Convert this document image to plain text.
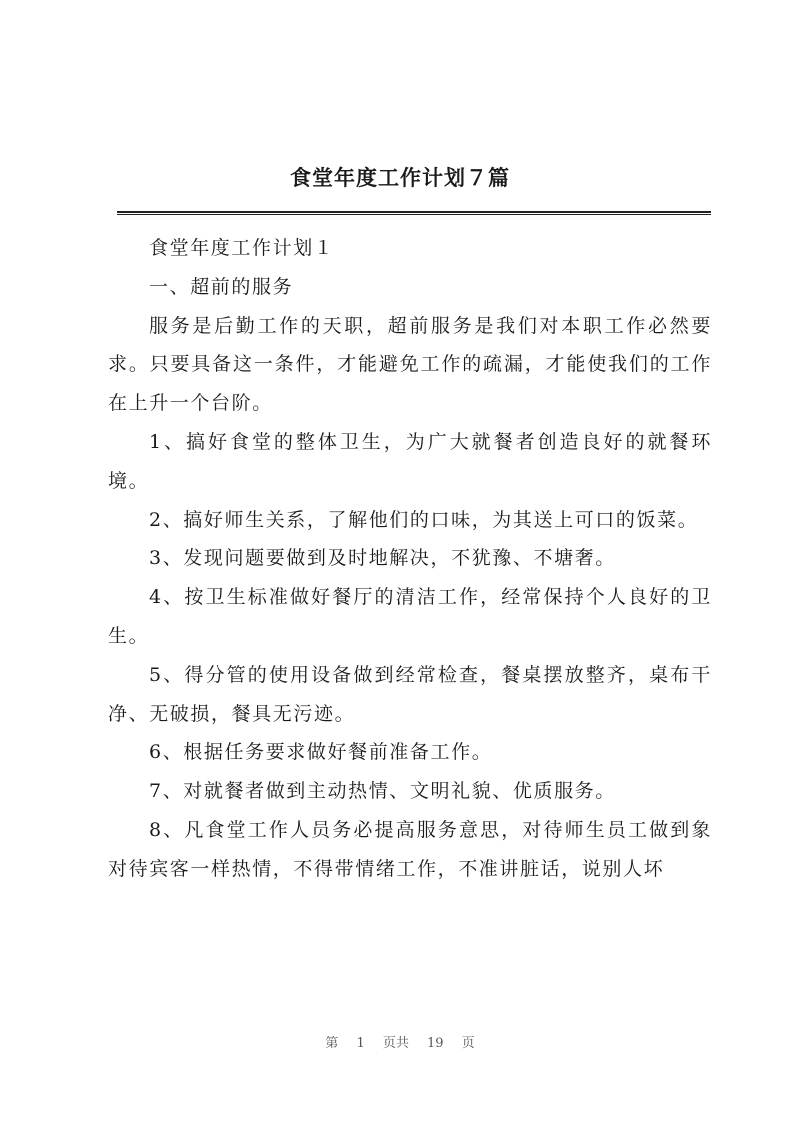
食堂年度工作计划７篇

食堂年度工作计划１

一、超前的服务

服务是后勤工作的天职，超前服务是我们对本职工作必然要求。只要具备这一条件，才能避免工作的疏漏，才能使我们的工作在上升一个台阶。

1、搞好食堂的整体卫生，为广大就餐者创造良好的就餐环境。

2、搞好师生关系，了解他们的口味，为其送上可口的饭菜。

3、发现问题要做到及时地解决，不犹豫、不塘奢。

4、按卫生标准做好餐厅的清洁工作，经常保持个人良好的卫生。

5、得分管的使用设备做到经常检查，餐桌摆放整齐，桌布干净、无破损，餐具无污迹。

6、根据任务要求做好餐前准备工作。

7、对就餐者做到主动热情、文明礼貌、优质服务。

8、凡食堂工作人员务必提高服务意思，对待师生员工做到象对待宾客一样热情，不得带情绪工作，不准讲脏话，说别人坏

第 1 页共 19 页
